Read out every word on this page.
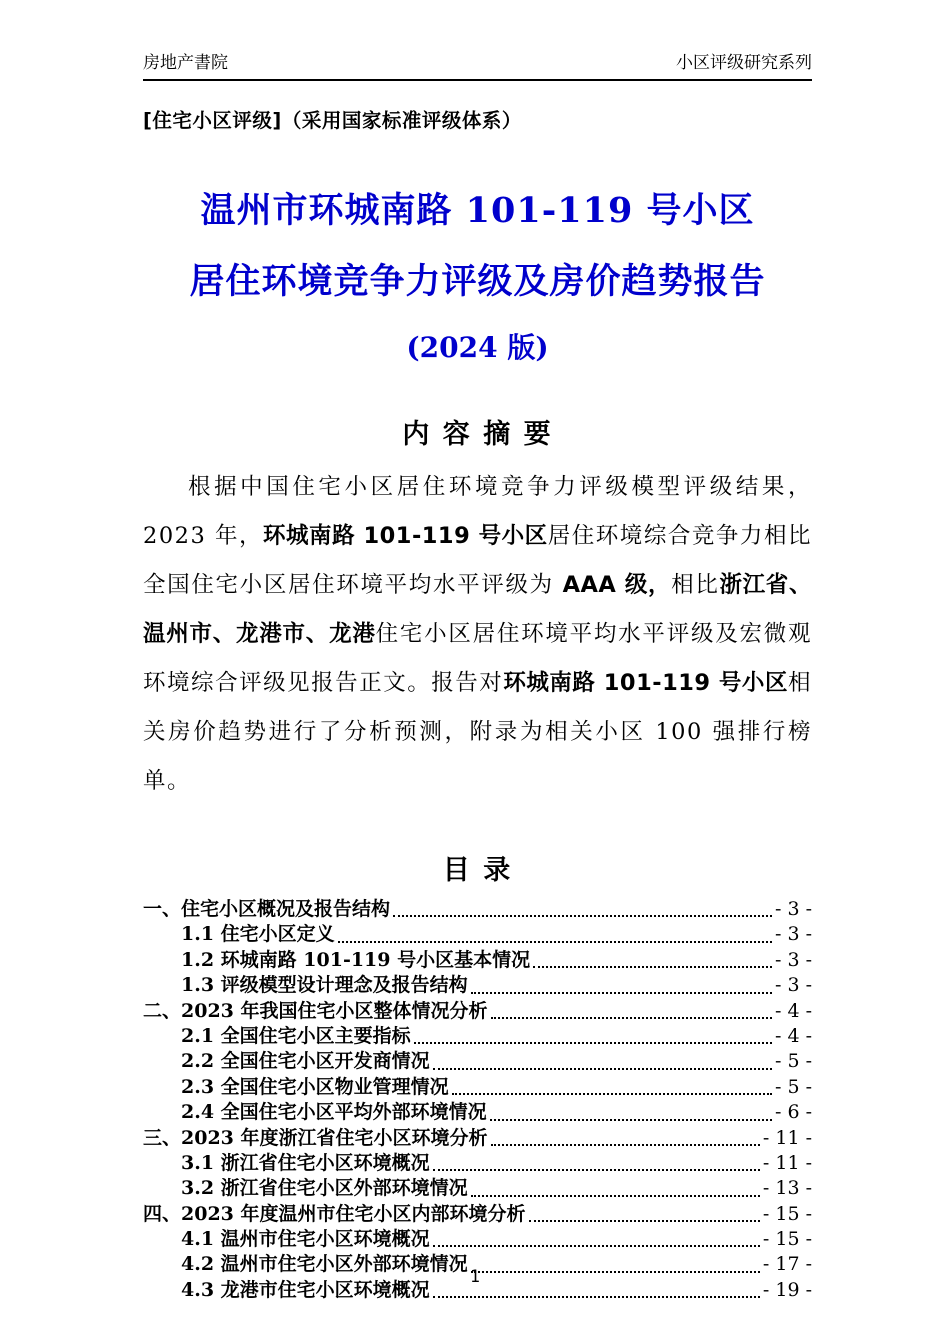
房地产書院	小区评级研究系列
[住宅小区评级]（采用国家标准评级体系）
温州市环城南路 101-119 号小区
居住环境竞争力评级及房价趋势报告
(2024 版)
内 容 摘 要

根据中国住宅小区居住环境竞争力评级模型评级结果，2023 年，环城南路 101-119 号小区居住环境综合竞争力相比全国住宅小区居住环境平均水平评级为 AAA 级，相比浙江省、温州市、龙港市、龙港住宅小区居住环境平均水平评级及宏微观环境综合评级见报告正文。报告对环城南路 101-119 号小区相关房价趋势进行了分析预测，附录为相关小区 100 强排行榜单。

目 录
一、住宅小区概况及报告结构	- 3 -
1.1 住宅小区定义	- 3 -
1.2 环城南路 101-119 号小区基本情况	- 3 -
1.3 评级模型设计理念及报告结构	- 3 -
二、2023 年我国住宅小区整体情况分析	- 4 -
2.1 全国住宅小区主要指标	- 4 -
2.2 全国住宅小区开发商情况	- 5 -
2.3 全国住宅小区物业管理情况	- 5 -
2.4 全国住宅小区平均外部环境情况	- 6 -
三、2023 年度浙江省住宅小区环境分析	- 11 -
3.1 浙江省住宅小区环境概况	- 11 -
3.2 浙江省住宅小区外部环境情况	- 13 -
四、2023 年度温州市住宅小区内部环境分析	- 15 -
4.1 温州市住宅小区环境概况	- 15 -
4.2 温州市住宅小区外部环境情况	- 17 -
4.3 龙港市住宅小区环境概况	- 19 -
1
